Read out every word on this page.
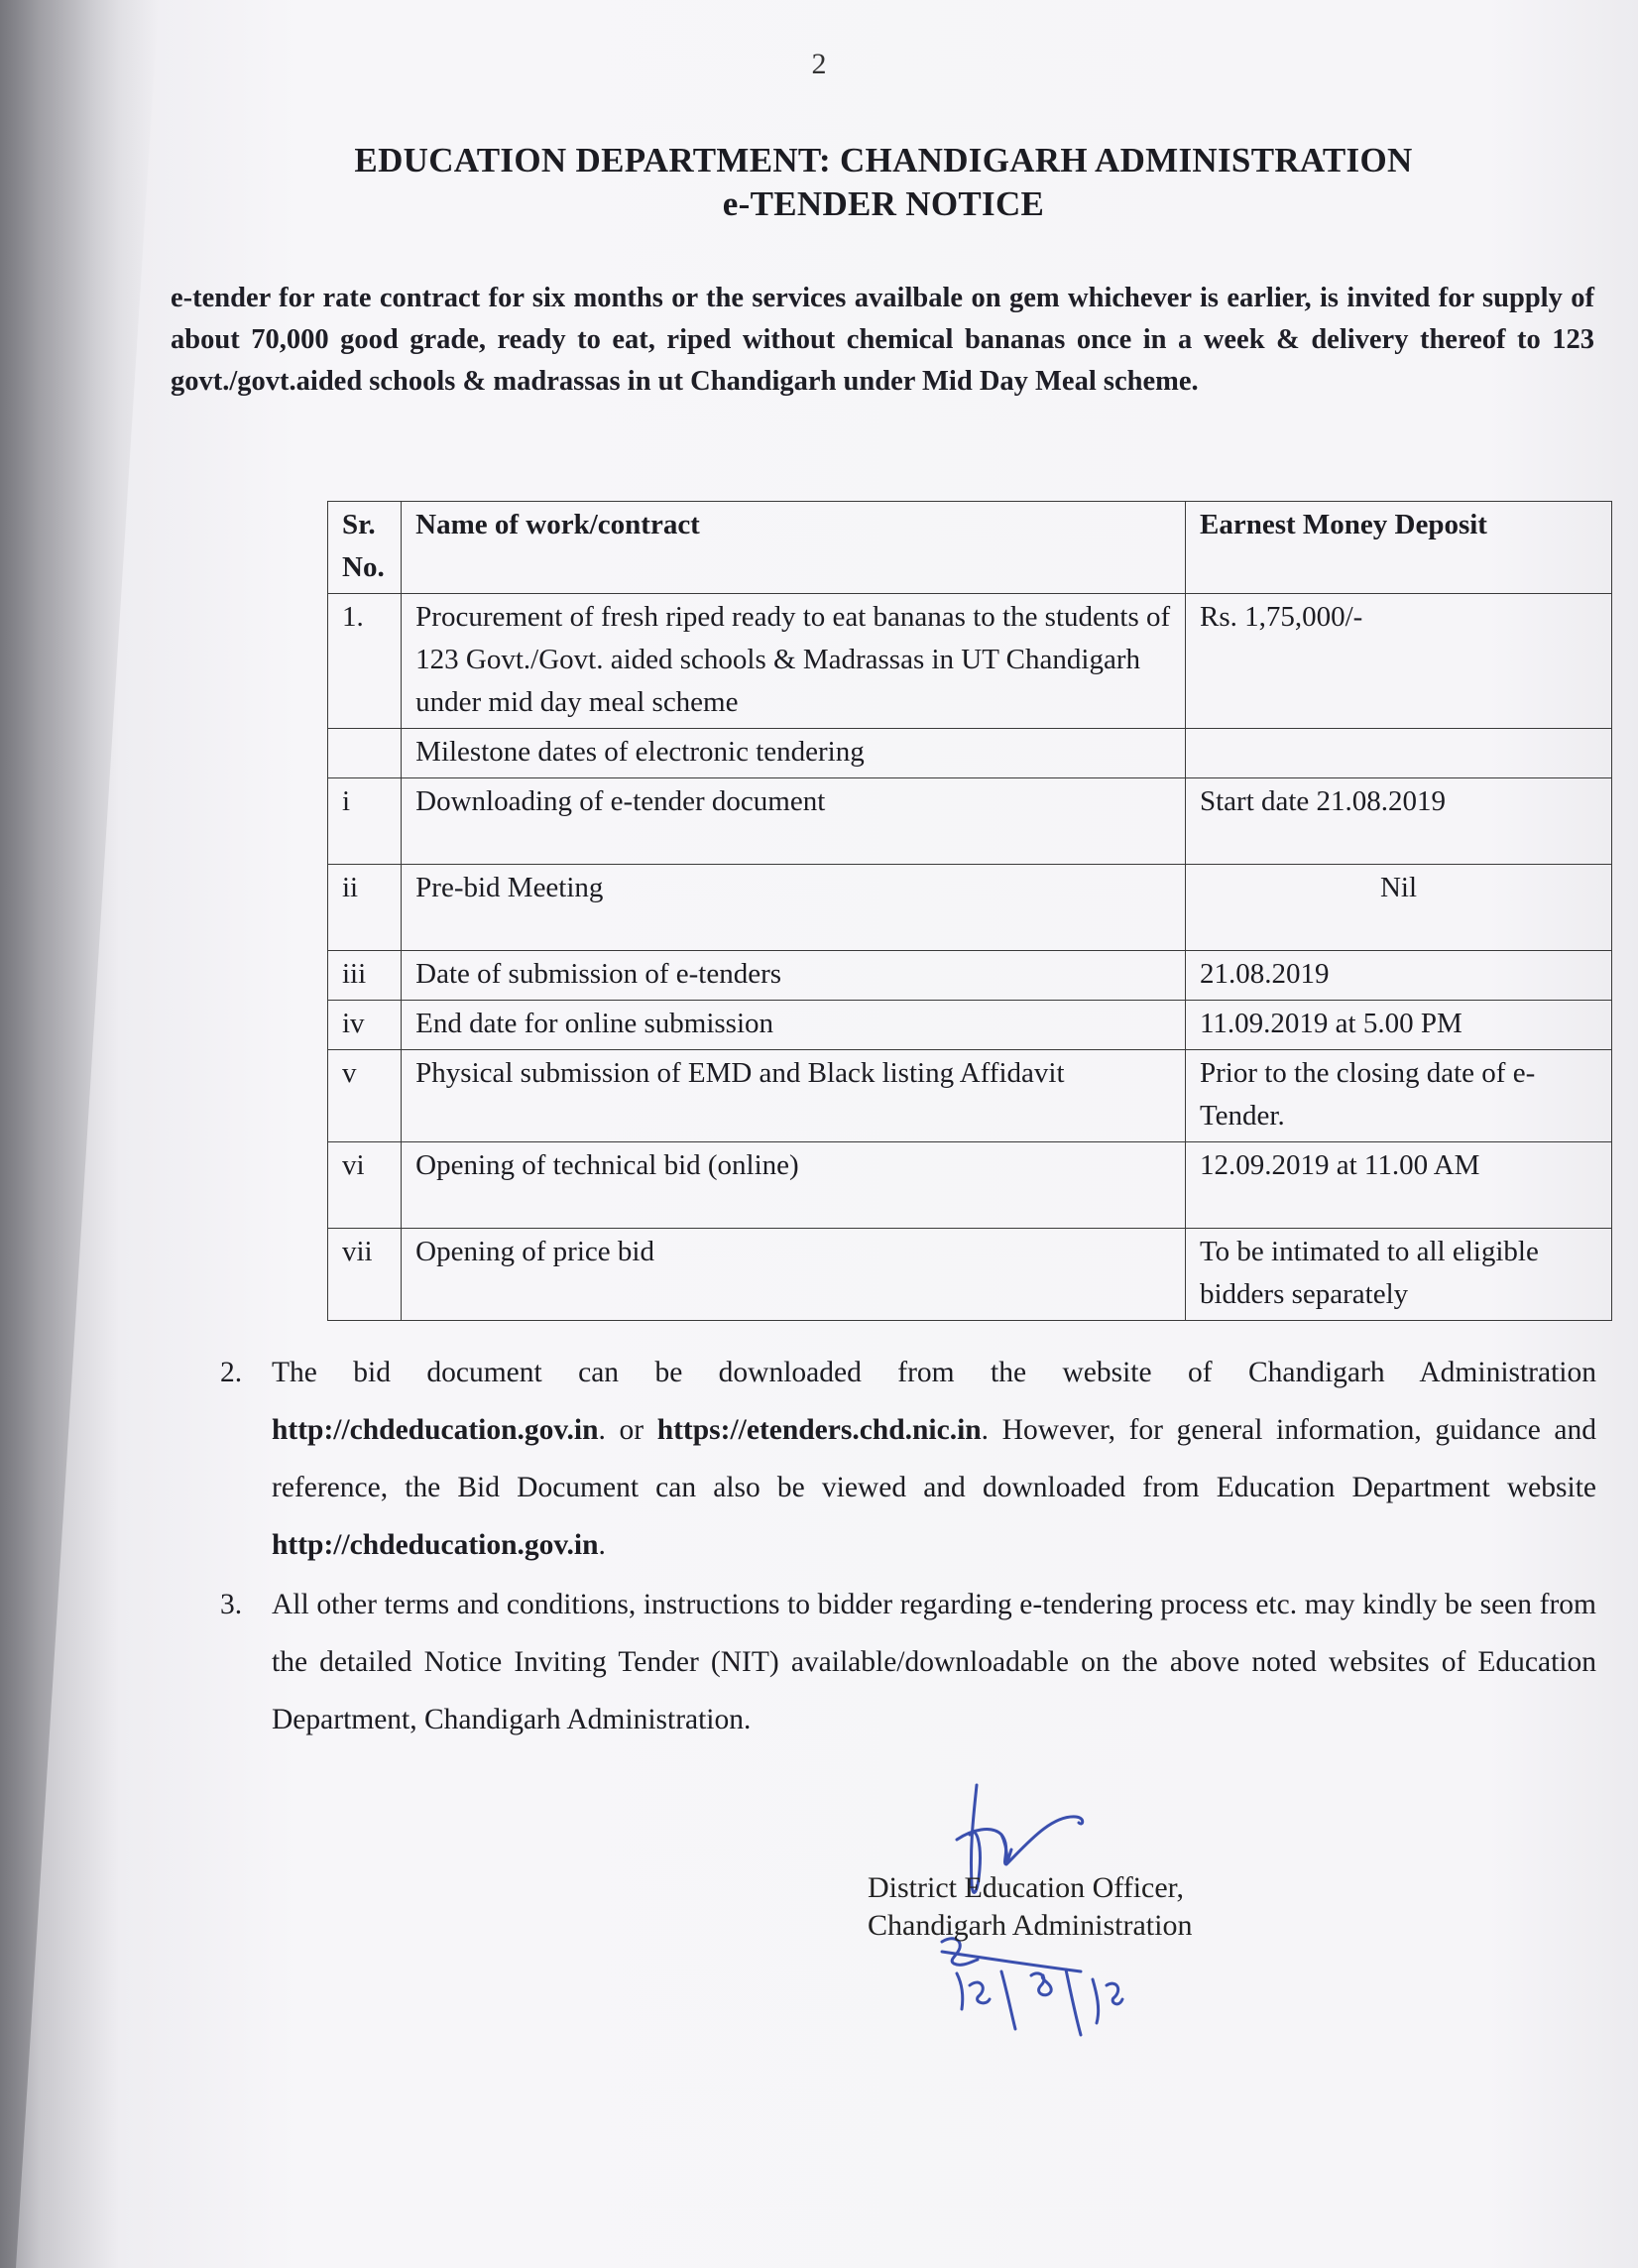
2
EDUCATION DEPARTMENT: CHANDIGARH ADMINISTRATION
e-TENDER NOTICE
e-tender for rate contract for six months or the services availbale on gem whichever is earlier, is invited for supply of about 70,000 good grade, ready to eat, riped without chemical bananas once in a week & delivery thereof to 123 govt./govt.aided schools & madrassas in ut Chandigarh under Mid Day Meal scheme.
Sr. No.	Name of work/contract	Earnest Money Deposit
1.	Procurement of fresh riped ready to eat bananas to the students of 123 Govt./Govt. aided schools & Madrassas in UT Chandigarh under mid day meal scheme	Rs. 1,75,000/-
	Milestone dates of electronic tendering	
i	Downloading of e-tender document	Start date 21.08.2019
ii	Pre-bid Meeting	Nil
iii	Date of submission of e-tenders	21.08.2019
iv	End date for online submission	11.09.2019 at 5.00 PM
v	Physical submission of EMD and Black listing Affidavit	Prior to the closing date of e-Tender.
vi	Opening of technical bid (online)	12.09.2019 at 11.00 AM
vii	Opening of price bid	To be intimated to all eligible bidders separately
2. The bid document can be downloaded from the website of Chandigarh Administration http://chdeducation.gov.in. or https://etenders.chd.nic.in. However, for general information, guidance and reference, the Bid Document can also be viewed and downloaded from Education Department website http://chdeducation.gov.in.
3. All other terms and conditions, instructions to bidder regarding e-tendering process etc. may kindly be seen from the detailed Notice Inviting Tender (NIT) available/downloadable on the above noted websites of Education Department, Chandigarh Administration.
District Education Officer,
Chandigarh Administration
